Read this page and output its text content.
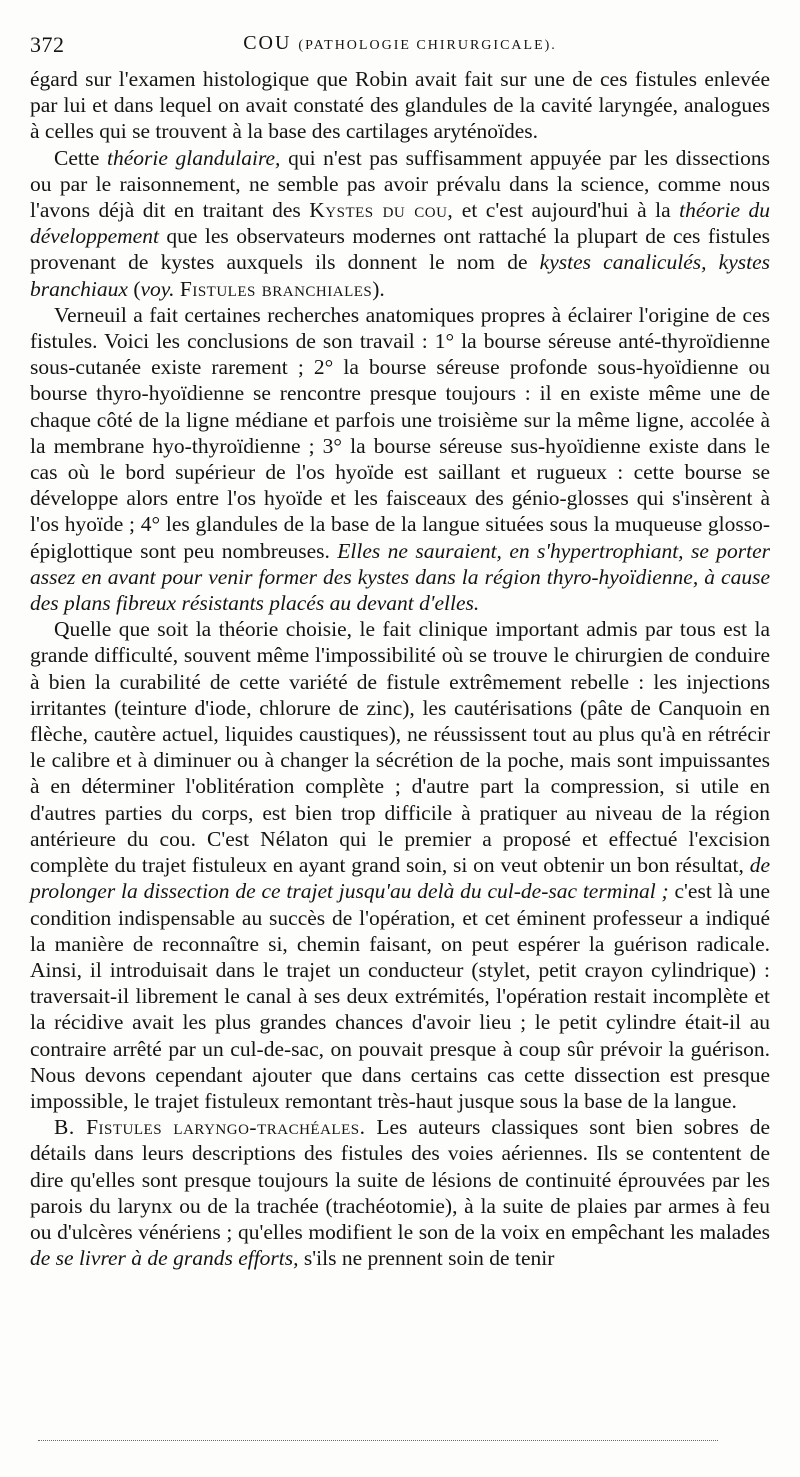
372	COU (PATHOLOGIE CHIRURGICALE).

égard sur l'examen histologique que Robin avait fait sur une de ces fistules enlevée par lui et dans lequel on avait constaté des glandules de la cavité laryngée, analogues à celles qui se trouvent à la base des cartilages aryténoïdes.

Cette théorie glandulaire, qui n'est pas suffisamment appuyée par les dissections ou par le raisonnement, ne semble pas avoir prévalu dans la science, comme nous l'avons déjà dit en traitant des Kystes du cou, et c'est aujourd'hui à la théorie du développement que les observateurs modernes ont rattaché la plupart de ces fistules provenant de kystes auxquels ils donnent le nom de kystes canaliculés, kystes branchiaux (voy. Fistules branchiales).

Verneuil a fait certaines recherches anatomiques propres à éclairer l'origine de ces fistules. Voici les conclusions de son travail : 1° la bourse séreuse anté-thyroïdienne sous-cutanée existe rarement ; 2° la bourse séreuse profonde sous-hyoïdienne ou bourse thyro-hyoïdienne se rencontre presque toujours : il en existe même une de chaque côté de la ligne médiane et parfois une troisième sur la même ligne, accolée à la membrane hyo-thyroïdienne ; 3° la bourse séreuse sus-hyoïdienne existe dans le cas où le bord supérieur de l'os hyoïde est saillant et rugueux : cette bourse se développe alors entre l'os hyoïde et les faisceaux des génio-glosses qui s'insèrent à l'os hyoïde ; 4° les glandules de la base de la langue situées sous la muqueuse glosso-épiglottique sont peu nombreuses. Elles ne sauraient, en s'hypertrophiant, se porter assez en avant pour venir former des kystes dans la région thyro-hyoïdienne, à cause des plans fibreux résistants placés au devant d'elles.

Quelle que soit la théorie choisie, le fait clinique important admis par tous est la grande difficulté, souvent même l'impossibilité où se trouve le chirurgien de conduire à bien la curabilité de cette variété de fistule extrêmement rebelle : les injections irritantes (teinture d'iode, chlorure de zinc), les cautérisations (pâte de Canquoin en flèche, cautère actuel, liquides caustiques), ne réussissent tout au plus qu'à en rétrécir le calibre et à diminuer ou à changer la sécrétion de la poche, mais sont impuissantes à en déterminer l'oblitération complète ; d'autre part la compression, si utile en d'autres parties du corps, est bien trop difficile à pratiquer au niveau de la région antérieure du cou. C'est Nélaton qui le premier a proposé et effectué l'excision complète du trajet fistuleux en ayant grand soin, si on veut obtenir un bon résultat, de prolonger la dissection de ce trajet jusqu'au delà du cul-de-sac terminal ; c'est là une condition indispensable au succès de l'opération, et cet éminent professeur a indiqué la manière de reconnaître si, chemin faisant, on peut espérer la guérison radicale. Ainsi, il introduisait dans le trajet un conducteur (stylet, petit crayon cylindrique) : traversait-il librement le canal à ses deux extrémités, l'opération restait incomplète et la récidive avait les plus grandes chances d'avoir lieu ; le petit cylindre était-il au contraire arrêté par un cul-de-sac, on pouvait presque à coup sûr prévoir la guérison. Nous devons cependant ajouter que dans certains cas cette dissection est presque impossible, le trajet fistuleux remontant très-haut jusque sous la base de la langue.

B. Fistules laryngo-trachéales. Les auteurs classiques sont bien sobres de détails dans leurs descriptions des fistules des voies aériennes. Ils se contentent de dire qu'elles sont presque toujours la suite de lésions de continuité éprouvées par les parois du larynx ou de la trachée (trachéotomie), à la suite de plaies par armes à feu ou d'ulcères vénériens ; qu'elles modifient le son de la voix en empêchant les malades de se livrer à de grands efforts, s'ils ne prennent soin de tenir
